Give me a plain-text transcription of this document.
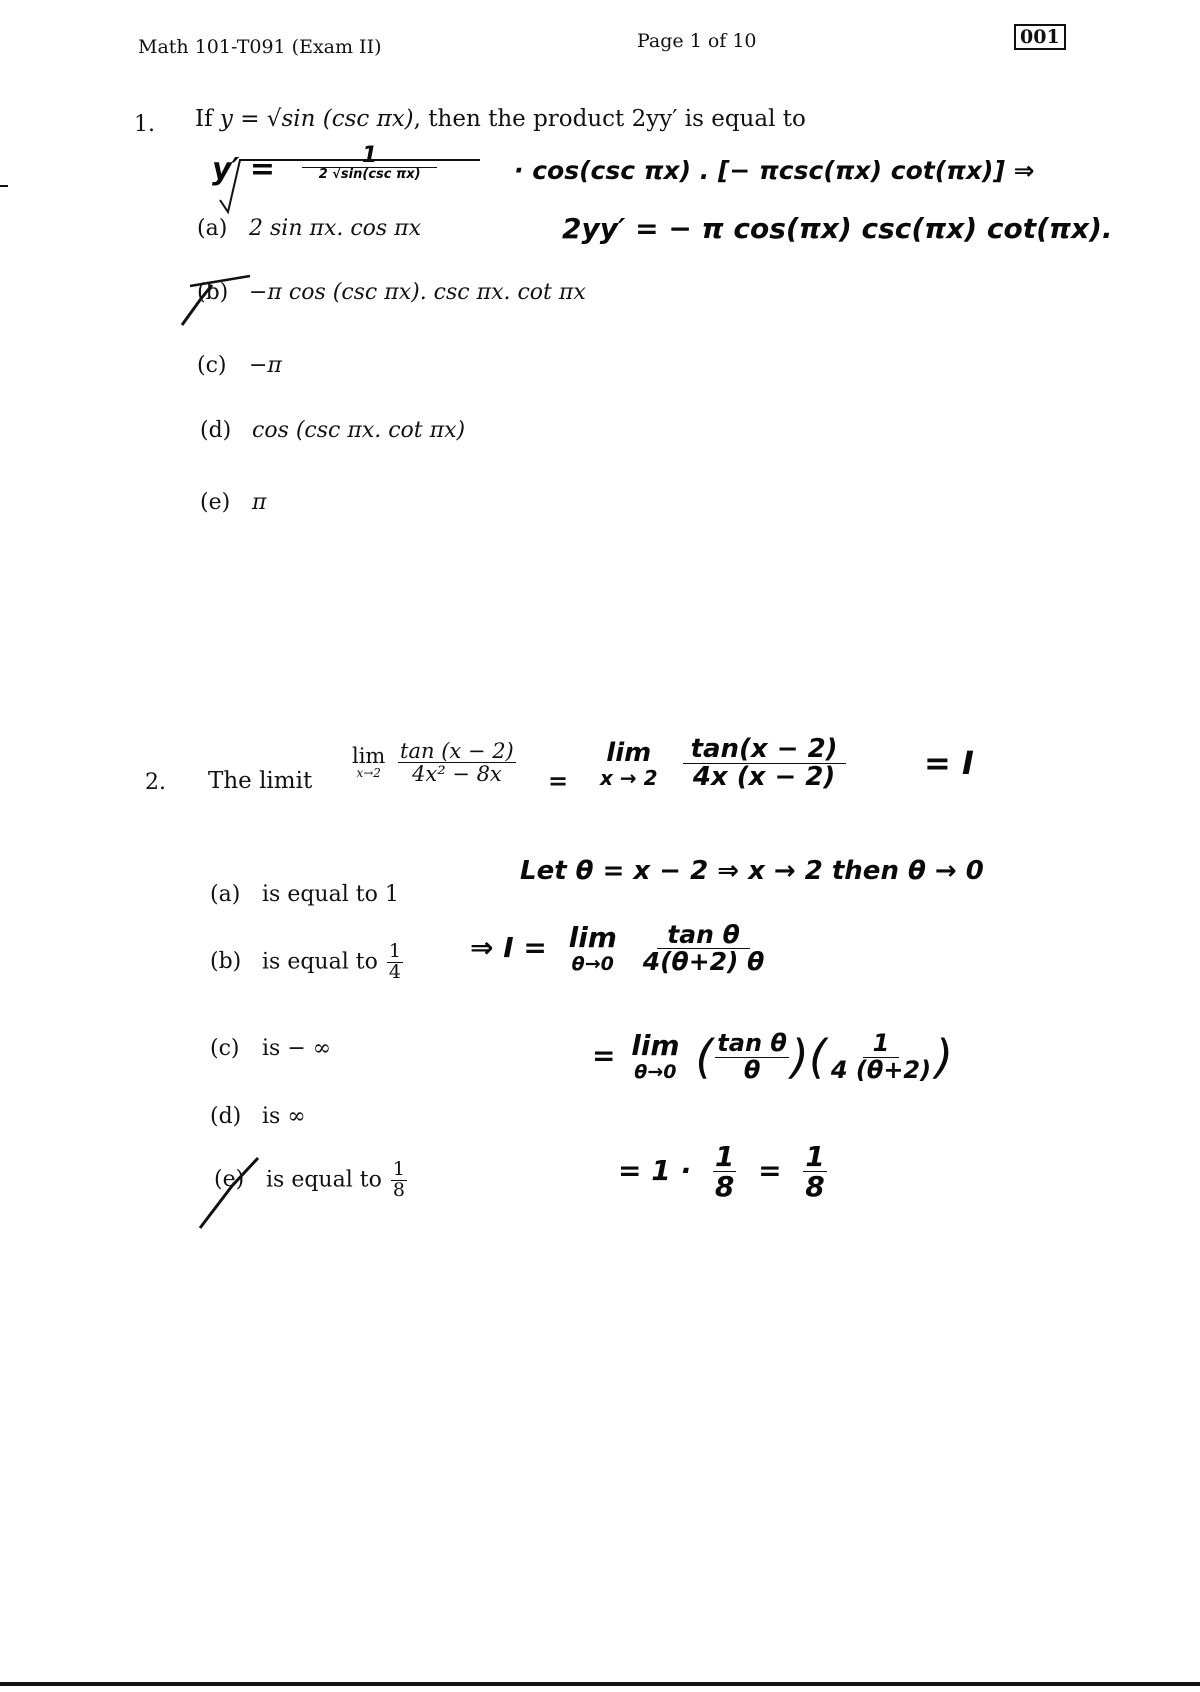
Math 101-T091 (Exam II)	Page 1 of 10	001
1. If y = √sin (csc πx), then the product 2yy′ is equal to
$y' = \frac{1}{\text{2 √sin(csc πx)}}$	· cos(csc πx) . [− πcsc(πx) cot(πx)] ⇒
2yy′ = − π cos(πx) csc(πx) cot(πx).
(a) 2 sin πx. cos πx
(b) −π cos (csc πx). csc πx. cot πx
(c) −π
(d) cos (csc πx. cot πx)
(e) π
2. The limit
lim
x→2
$\frac{\tan (x - 2)}{\text{4x² − 8x}}$ =
lim
x → 2
$\frac{\tan(x - 2)}{4x (x - 2)} = I$
Let θ = x − 2 ⇒ x → 2 then θ → 0
⇒ I = lim
θ→0
$\frac{\text{tan θ}}{4(\theta+2) \theta}$
= lim
θ→0 ( $\frac{\text{tan θ}}{\theta}$ )( $\frac{1}{4 (\theta+2)}$ )
= $1 \cdot \frac{1}{8} = \frac{1}{8}$
(a) is equal to 1
(b) is equal to $\frac{1}{4}$
(c) is − ∞
(d) is ∞
(e) is equal to $\frac{1}{8}$
